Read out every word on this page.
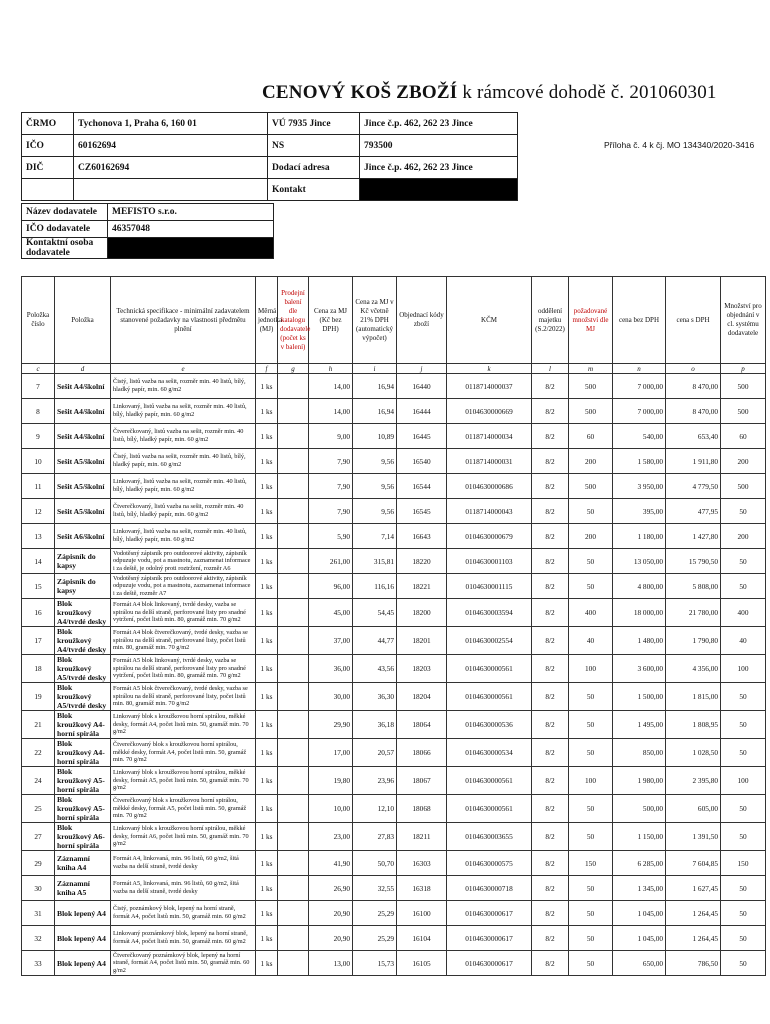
CENOVÝ KOŠ ZBOŽÍ k rámcové dohodě č. 201060301
Příloha č. 4 k čj. MO 134340/2020-3416
ČRMO	Tychonova 1, Praha 6, 160 01	VÚ 7935 Jince	Jince č.p. 462, 262 23 Jince
IČO	60162694	NS	793500
DIČ	CZ60162694	Dodací adresa	Jince č.p. 462, 262 23 Jince
		Kontakt	
Název dodavatele	MEFISTO s.r.o.
IČO dodavatele	46357048
Kontaktní osoba dodavatele	
Položka číslo	Položka	Technická specifikace - minimální zadavatelem stanovené požadavky na vlastnosti předmětu plnění	Měrná jednotka (MJ)	Prodejní balení dle katalogu dodavatele (počet ks v balení)	Cena za MJ (Kč bez DPH)	Cena za MJ v Kč včetně 21% DPH (automatický výpočet)	Objednací kódy zboží	KČM	oddělení majetku (S.2/2022)	požadované množství dle MJ	cena bez DPH	cena s DPH	Množství pro objednání v cl. systému dodavatele
c	d	e	f	g	h	i	j	k	l	m	n	o	p
7	Sešit A4/školní	Čistý, listů vazba na sešit, rozměr min. 40 listů, bílý, hladký papír, min. 60 g/m2	1 ks		14,00	16,94	16440	0118714000037	8/2	500	7 000,00	8 470,00	500
8	Sešit A4/školní	Linkovaný, listů vazba na sešit, rozměr min. 40 listů, bílý, hladký papír, min. 60 g/m2	1 ks		14,00	16,94	16444	0104630000669	8/2	500	7 000,00	8 470,00	500
9	Sešit A4/školní	Čtverečkovaný, listů vazba na sešit, rozměr min. 40 listů, bílý, hladký papír, min. 60 g/m2	1 ks		9,00	10,89	16445	0118714000034	8/2	60	540,00	653,40	60
10	Sešit A5/školní	Čistý, listů vazba na sešit, rozměr min. 40 listů, bílý, hladký papír, min. 60 g/m2	1 ks		7,90	9,56	16540	0118714000031	8/2	200	1 580,00	1 911,80	200
11	Sešit A5/školní	Linkovaný, listů vazba na sešit, rozměr min. 40 listů, bílý, hladký papír, min. 60 g/m2	1 ks		7,90	9,56	16544	0104630000686	8/2	500	3 950,00	4 779,50	500
12	Sešit A5/školní	Čtverečkovaný, listů vazba na sešit, rozměr min. 40 listů, bílý, hladký papír, min. 60 g/m2	1 ks		7,90	9,56	16545	0118714000043	8/2	50	395,00	477,95	50
13	Sešit A6/školní	Linkovaný, listů vazba na sešit, rozměr min. 40 listů, bílý, hladký papír, min. 60 g/m2	1 ks		5,90	7,14	16643	0104630000679	8/2	200	1 180,00	1 427,80	200
14	Zápisník do kapsy	Vodotěsný zápisník pro outdoorové aktivity, zápisník odpuzuje vodu, pot a mastnotu, zaznamenat informace i za deště, je odolný proti roztržení, rozměr A6	1 ks		261,00	315,81	18220	0104630001103	8/2	50	13 050,00	15 790,50	50
15	Zápisník do kapsy	Vodotěsný zápisník pro outdoorové aktivity, zápisník odpuzuje vodu, pot a mastnotu, zaznamenat informace i za deště, rozměr A7	1 ks		96,00	116,16	18221	0104630001115	8/2	50	4 800,00	5 808,00	50
16	Blok kroužkový A4/tvrdé desky	Formát A4 blok linkovaný, tvrdé desky, vazba se spirálou na delší straně, perforované listy pro snadné vytržení, počet listů min. 80, gramáž min. 70 g/m2	1 ks		45,00	54,45	18200	0104630003594	8/2	400	18 000,00	21 780,00	400
17	Blok kroužkový A4/tvrdé desky	Formát A4 blok čtverečkovaný, tvrdé desky, vazba se spirálou na delší straně, perforované listy, počet listů min. 80, gramáž min. 70 g/m2	1 ks		37,00	44,77	18201	0104630002554	8/2	40	1 480,00	1 790,80	40
18	Blok kroužkový A5/tvrdé desky	Formát A5 blok linkovaný, tvrdé desky, vazba se spirálou na delší straně, perforované listy pro snadné vytržení, počet listů min. 80, gramáž min. 70 g/m2	1 ks		36,00	43,56	18203	0104630000561	8/2	100	3 600,00	4 356,00	100
19	Blok kroužkový A5/tvrdé desky	Formát A5 blok čtverečkovaný, tvrdé desky, vazba se spirálou na delší straně, perforované listy, počet listů min. 80, gramáž min. 70 g/m2	1 ks		30,00	36,30	18204	0104630000561	8/2	50	1 500,00	1 815,00	50
21	Blok kroužkový A4-horní spirála	Linkovaný blok s kroužkovou horní spirálou, měkké desky, formát A4, počet listů min. 50, gramáž min. 70 g/m2	1 ks		29,90	36,18	18064	0104630000536	8/2	50	1 495,00	1 808,95	50
22	Blok kroužkový A4-horní spirála	Čtverečkovaný blok s kroužkovou horní spirálou, měkké desky, formát A4, počet listů min. 50, gramáž min. 70 g/m2	1 ks		17,00	20,57	18066	0104630000534	8/2	50	850,00	1 028,50	50
24	Blok kroužkový A5-horní spirála	Linkovaný blok s kroužkovou horní spirálou, měkké desky, formát A5, počet listů min. 50, gramáž min. 70 g/m2	1 ks		19,80	23,96	18067	0104630000561	8/2	100	1 980,00	2 395,80	100
25	Blok kroužkový A5-horní spirála	Čtverečkovaný blok s kroužkovou horní spirálou, měkké desky, formát A5, počet listů min. 50, gramáž min. 70 g/m2	1 ks		10,00	12,10	18068	0104630000561	8/2	50	500,00	605,00	50
27	Blok kroužkový A6-horní spirála	Linkovaný blok s kroužkovou horní spirálou, měkké desky, formát A6, počet listů min. 50, gramáž min. 70 g/m2	1 ks		23,00	27,83	18211	0104630003655	8/2	50	1 150,00	1 391,50	50
29	Záznamní kniha A4	Formát A4, linkovaná, min. 96 listů, 60 g/m2, šitá vazba na delší straně, tvrdé desky	1 ks		41,90	50,70	16303	0104630000575	8/2	150	6 285,00	7 604,85	150
30	Záznamní kniha A5	Formát A5, linkovaná, min. 96 listů, 60 g/m2, šitá vazba na delší straně, tvrdé desky	1 ks		26,90	32,55	16318	0104630000718	8/2	50	1 345,00	1 627,45	50
31	Blok lepený A4	Čistý, poznámkový blok, lepený na horní straně, formát A4, počet listů min. 50, gramáž min. 60 g/m2	1 ks		20,90	25,29	16100	0104630000617	8/2	50	1 045,00	1 264,45	50
32	Blok lepený A4	Linkovaný poznámkový blok, lepený na horní straně, formát A4, počet listů min. 50, gramáž min. 60 g/m2	1 ks		20,90	25,29	16104	0104630000617	8/2	50	1 045,00	1 264,45	50
33	Blok lepený A4	Čtverečkovaný poznámkový blok, lepený na horní straně, formát A4, počet listů min. 50, gramáž min. 60 g/m2	1 ks		13,00	15,73	16105	0104630000617	8/2	50	650,00	786,50	50
